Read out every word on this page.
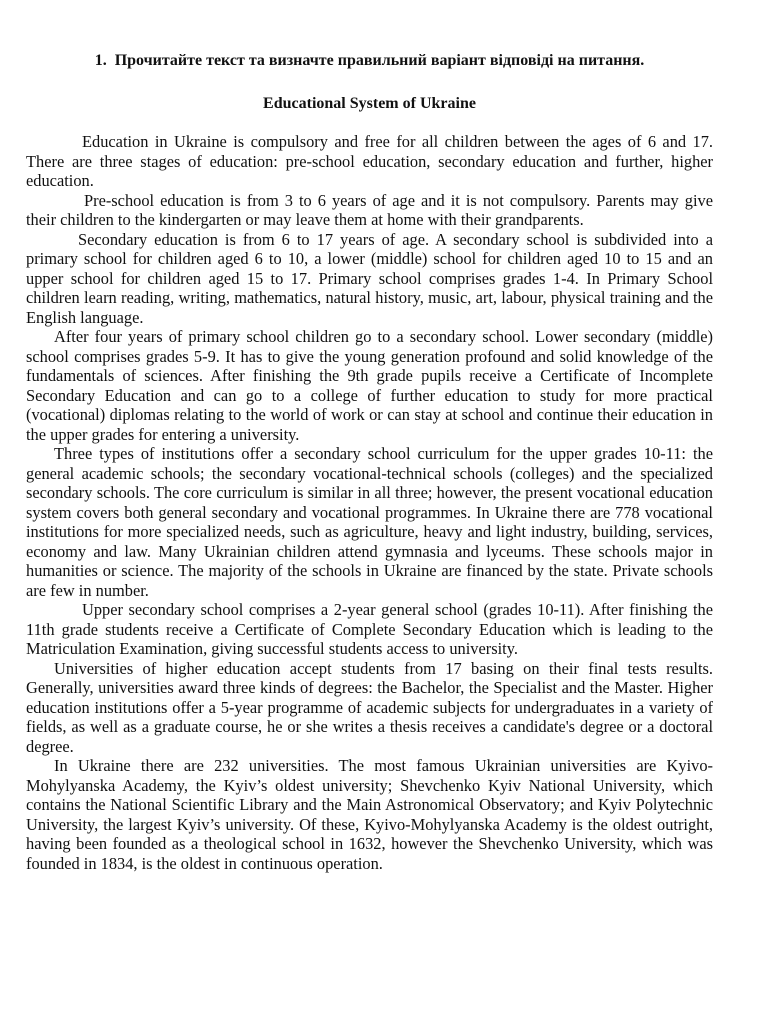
1. Прочитайте текст та визначте правильний варіант відповіді на питання.
Educational System of Ukraine

Education in Ukraine is compulsory and free for all children between the ages of 6 and 17. There are three stages of education: pre-school education, secondary education and further, higher education.

Pre-school education is from 3 to 6 years of age and it is not compulsory. Parents may give their children to the kindergarten or may leave them at home with their grandparents.

Secondary education is from 6 to 17 years of age. A secondary school is subdivided into a primary school for children aged 6 to 10, a lower (middle) school for children aged 10 to 15 and an upper school for children aged 15 to 17. Primary school comprises grades 1-4. In Primary School children learn reading, writing, mathematics, natural history, music, art, labour, physical training and the English language.

After four years of primary school children go to a secondary school. Lower secondary (middle) school comprises grades 5-9. It has to give the young generation profound and solid knowledge of the fundamentals of sciences. After finishing the 9th grade pupils receive a Certificate of Incomplete Secondary Education and can go to a college of further education to study for more practical (vocational) diplomas relating to the world of work or can stay at school and continue their education in the upper grades for entering a university.

Three types of institutions offer a secondary school curriculum for the upper grades 10-11: the general academic schools; the secondary vocational-technical schools (colleges) and the specialized secondary schools. The core curriculum is similar in all three; however, the present vocational education system covers both general secondary and vocational programmes. In Ukraine there are 778 vocational institutions for more specialized needs, such as agriculture, heavy and light industry, building, services, economy and law. Many Ukrainian children attend gymnasia and lyceums. These schools major in humanities or science. The majority of the schools in Ukraine are financed by the state. Private schools are few in number.

Upper secondary school comprises a 2-year general school (grades 10-11). After finishing the 11th grade students receive a Certificate of Complete Secondary Education which is leading to the Matriculation Examination, giving successful students access to university.

Universities of higher education accept students from 17 basing on their final tests results. Generally, universities award three kinds of degrees: the Bachelor, the Specialist and the Master. Higher education institutions offer a 5-year programme of academic subjects for undergraduates in a variety of fields, as well as a graduate course, he or she writes a thesis receives a candidate's degree or a doctoral degree.

In Ukraine there are 232 universities. The most famous Ukrainian universities are Kyivo-Mohylyanska Academy, the Kyiv’s oldest university; Shevchenko Kyiv National University, which contains the National Scientific Library and the Main Astronomical Observatory; and Kyiv Polytechnic University, the largest Kyiv’s university. Of these, Kyivo-Mohylyanska Academy is the oldest outright, having been founded as a theological school in 1632, however the Shevchenko University, which was founded in 1834, is the oldest in continuous operation.
